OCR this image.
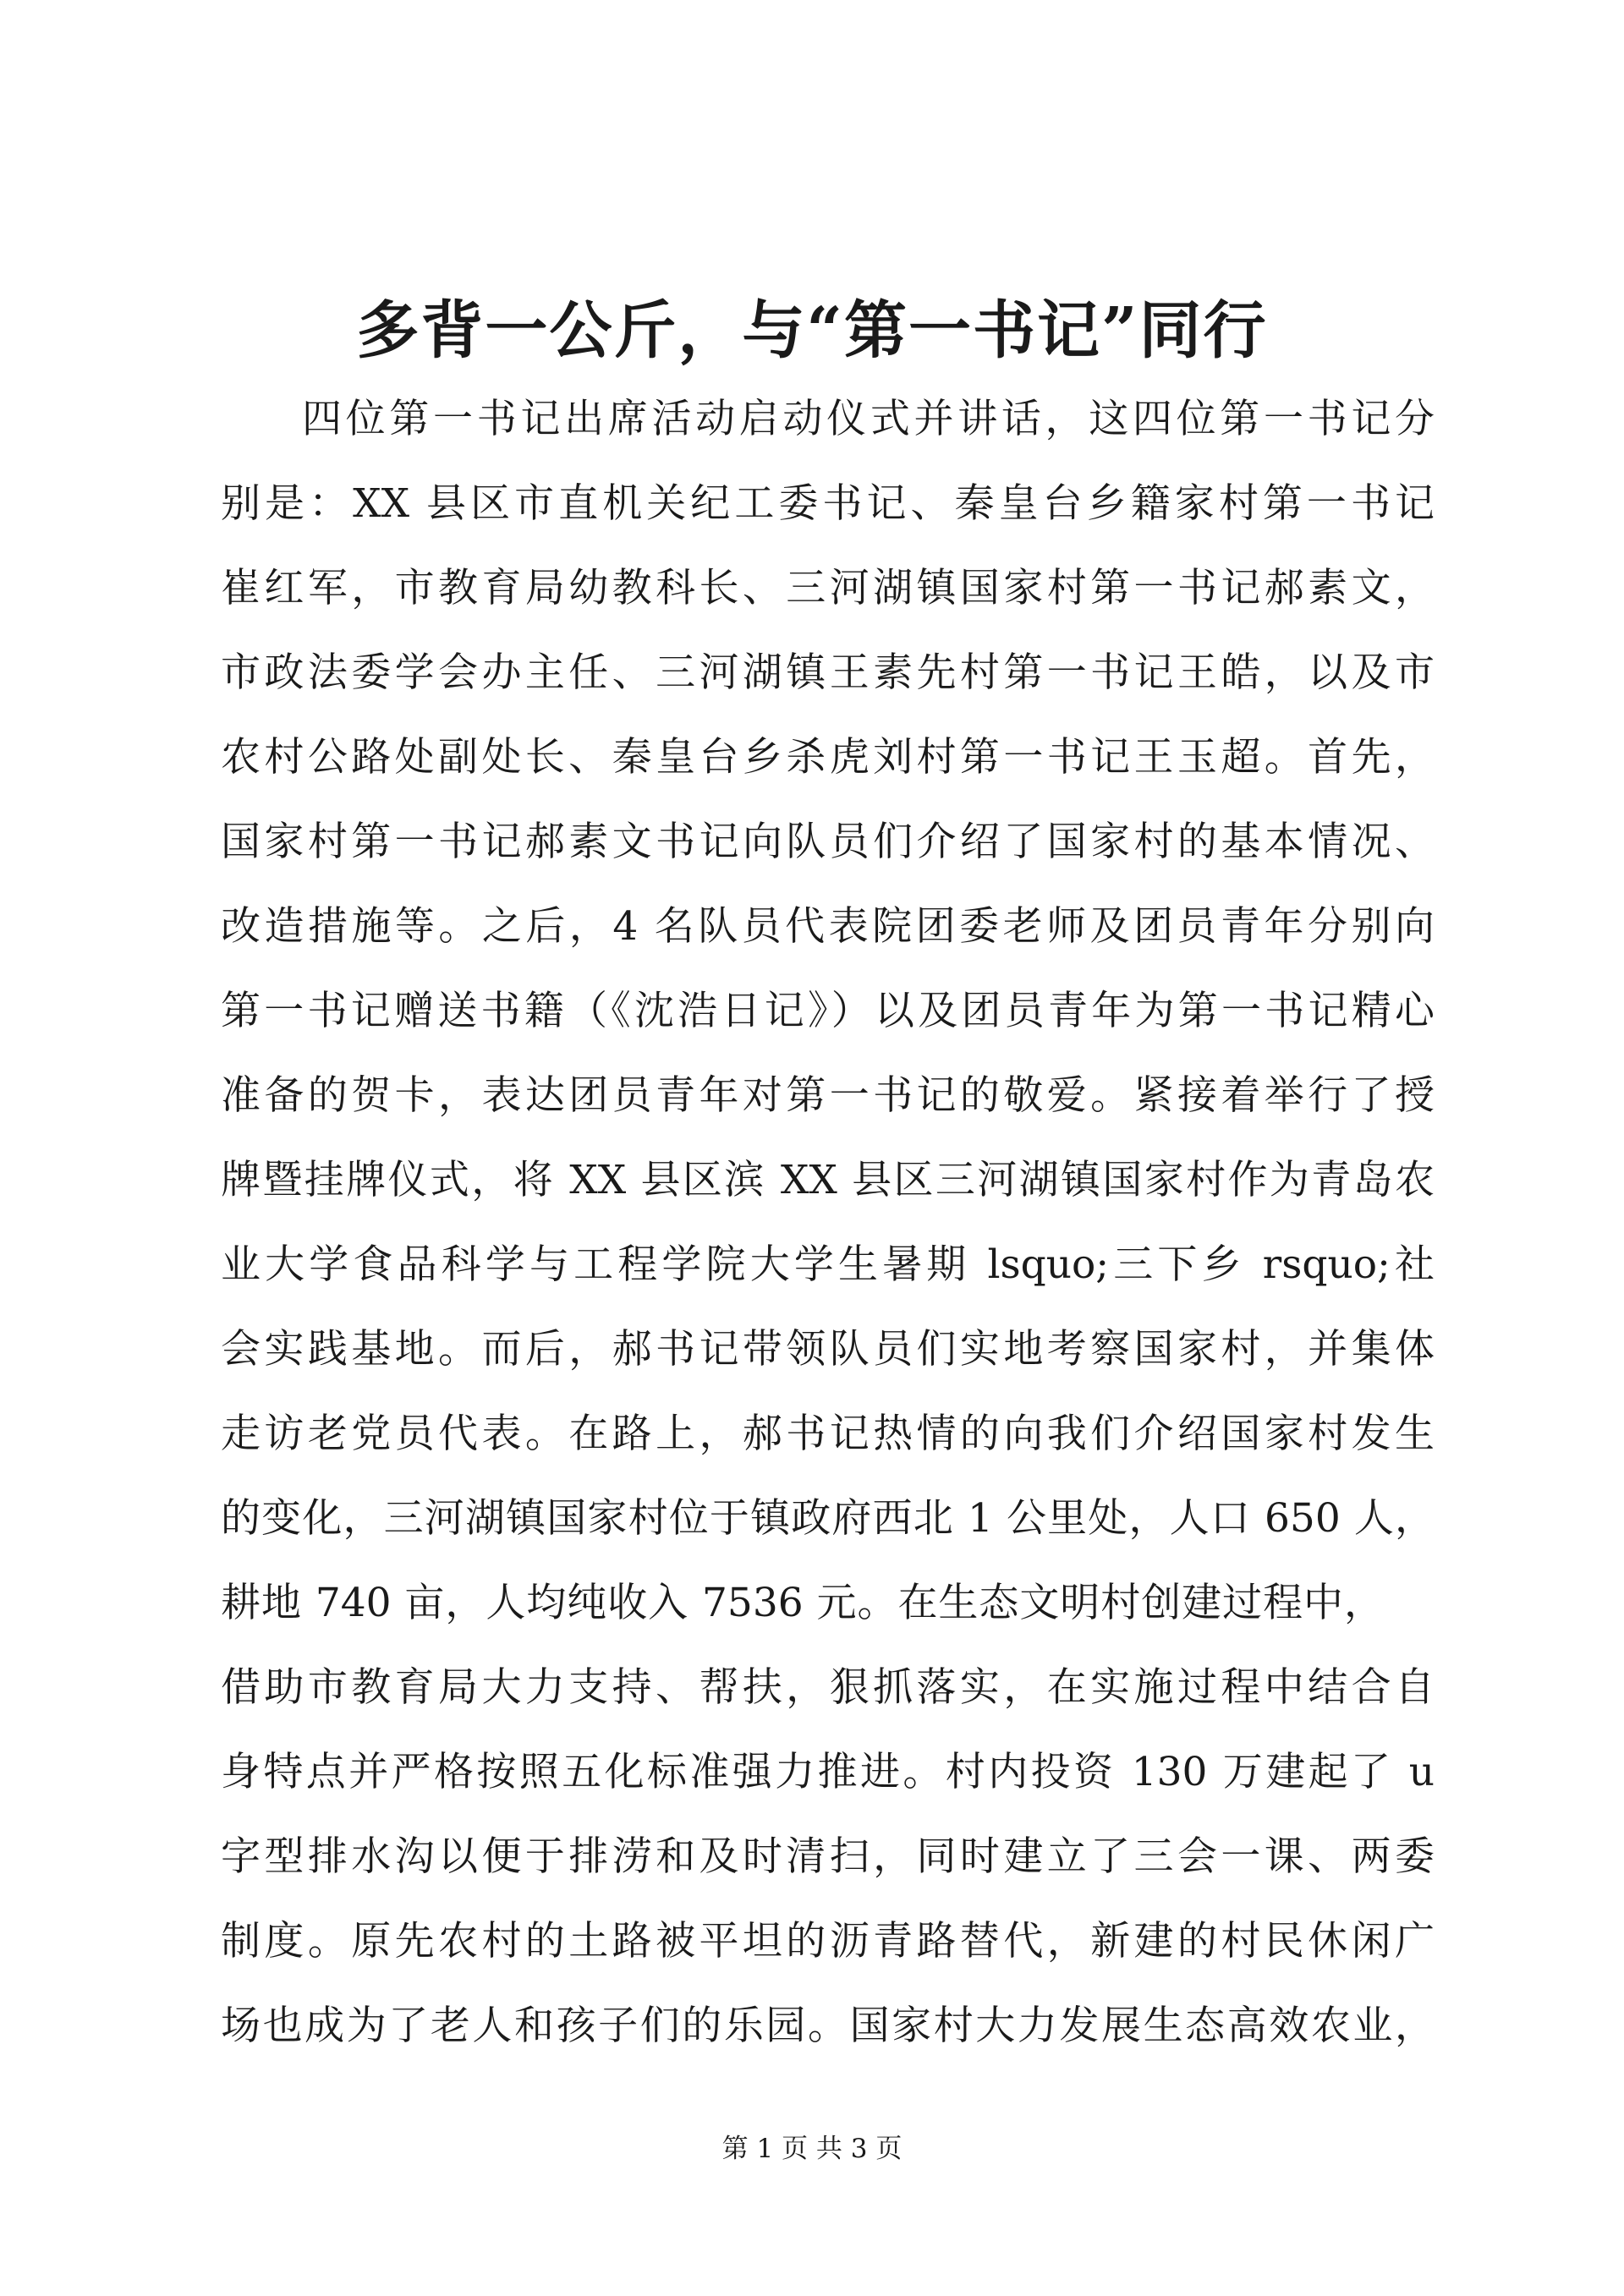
多背一公斤，与“第一书记”同行
四位第一书记出席活动启动仪式并讲话，这四位第一书记分
别是：XX 县区市直机关纪工委书记、秦皇台乡籍家村第一书记
崔红军，市教育局幼教科长、三河湖镇国家村第一书记郝素文，
市政法委学会办主任、三河湖镇王素先村第一书记王皓，以及市
农村公路处副处长、秦皇台乡杀虎刘村第一书记王玉超。首先，
国家村第一书记郝素文书记向队员们介绍了国家村的基本情况、
改造措施等。之后，4 名队员代表院团委老师及团员青年分别向
第一书记赠送书籍（《沈浩日记》）以及团员青年为第一书记精心
准备的贺卡，表达团员青年对第一书记的敬爱。紧接着举行了授
牌暨挂牌仪式，将 XX 县区滨 XX 县区三河湖镇国家村作为青岛农
业大学食品科学与工程学院大学生暑期 lsquo;三下乡 rsquo;社
会实践基地。而后，郝书记带领队员们实地考察国家村，并集体
走访老党员代表。在路上，郝书记热情的向我们介绍国家村发生
的变化，三河湖镇国家村位于镇政府西北 1 公里处，人口 650 人，
耕地 740 亩，人均纯收入 7536 元。在生态文明村创建过程中，
借助市教育局大力支持、帮扶，狠抓落实，在实施过程中结合自
身特点并严格按照五化标准强力推进。村内投资 130 万建起了 u
字型排水沟以便于排涝和及时清扫，同时建立了三会一课、两委
制度。原先农村的土路被平坦的沥青路替代，新建的村民休闲广
场也成为了老人和孩子们的乐园。国家村大力发展生态高效农业，
第 1 页 共 3 页
